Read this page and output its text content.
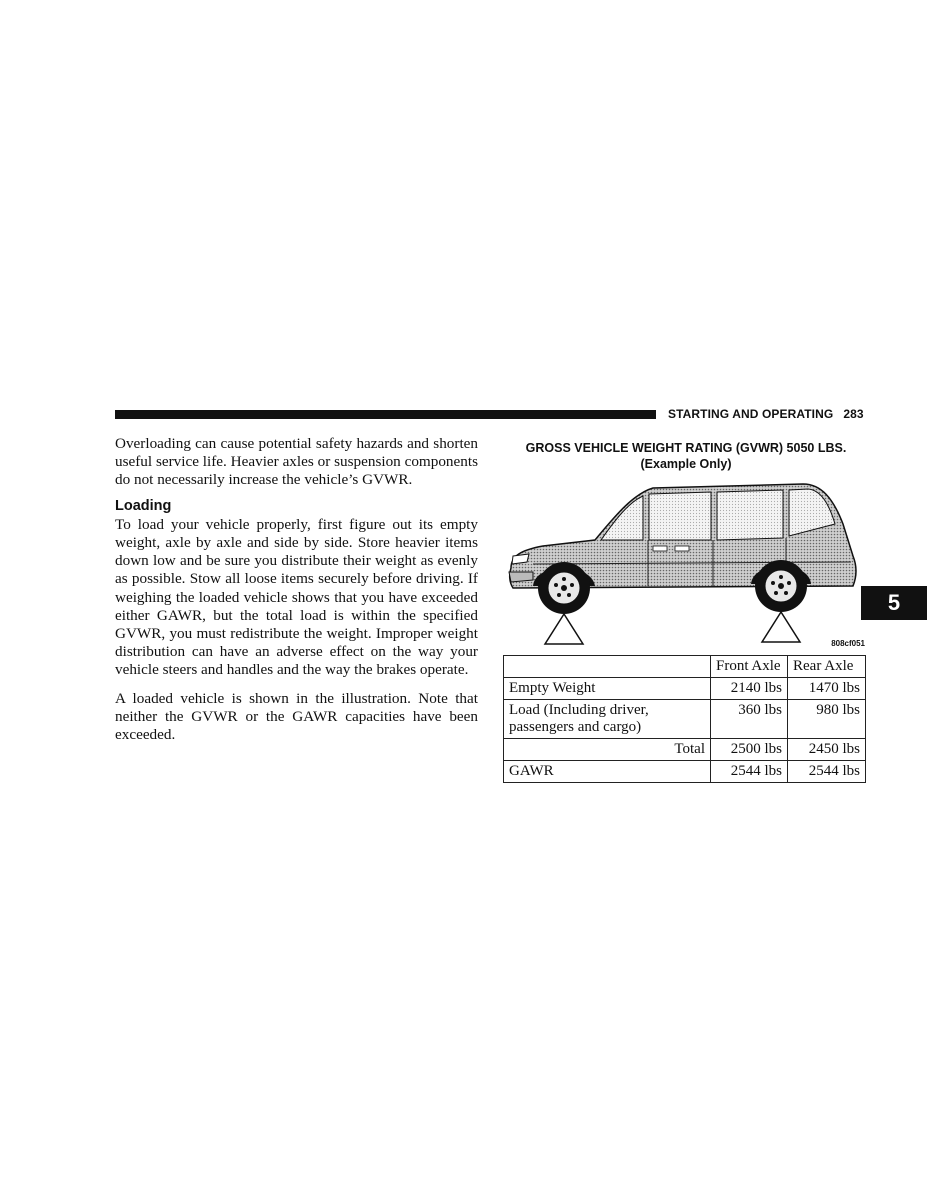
STARTING AND OPERATING 283
5

Overloading can cause potential safety hazards and shorten useful service life. Heavier axles or suspension components do not necessarily increase the vehicle’s GVWR.

Loading

To load your vehicle properly, first figure out its empty weight, axle by axle and side by side. Store heavier items down low and be sure you distribute their weight as evenly as possible. Stow all loose items securely before driving. If weighing the loaded vehicle shows that you have exceeded either GAWR, but the total load is within the specified GVWR, you must redistribute the weight. Improper weight distribution can have an adverse effect on the way your vehicle steers and handles and the way the brakes operate.

A loaded vehicle is shown in the illustration. Note that neither the GVWR or the GAWR capacities have been exceeded.

GROSS VEHICLE WEIGHT RATING (GVWR) 5050 LBS.
(Example Only)
808cf051
	Front Axle	Rear Axle
Empty Weight	2140 lbs	1470 lbs
Load (Including driver, passengers and cargo)	360 lbs	980 lbs
Total	2500 lbs	2450 lbs
GAWR	2544 lbs	2544 lbs
